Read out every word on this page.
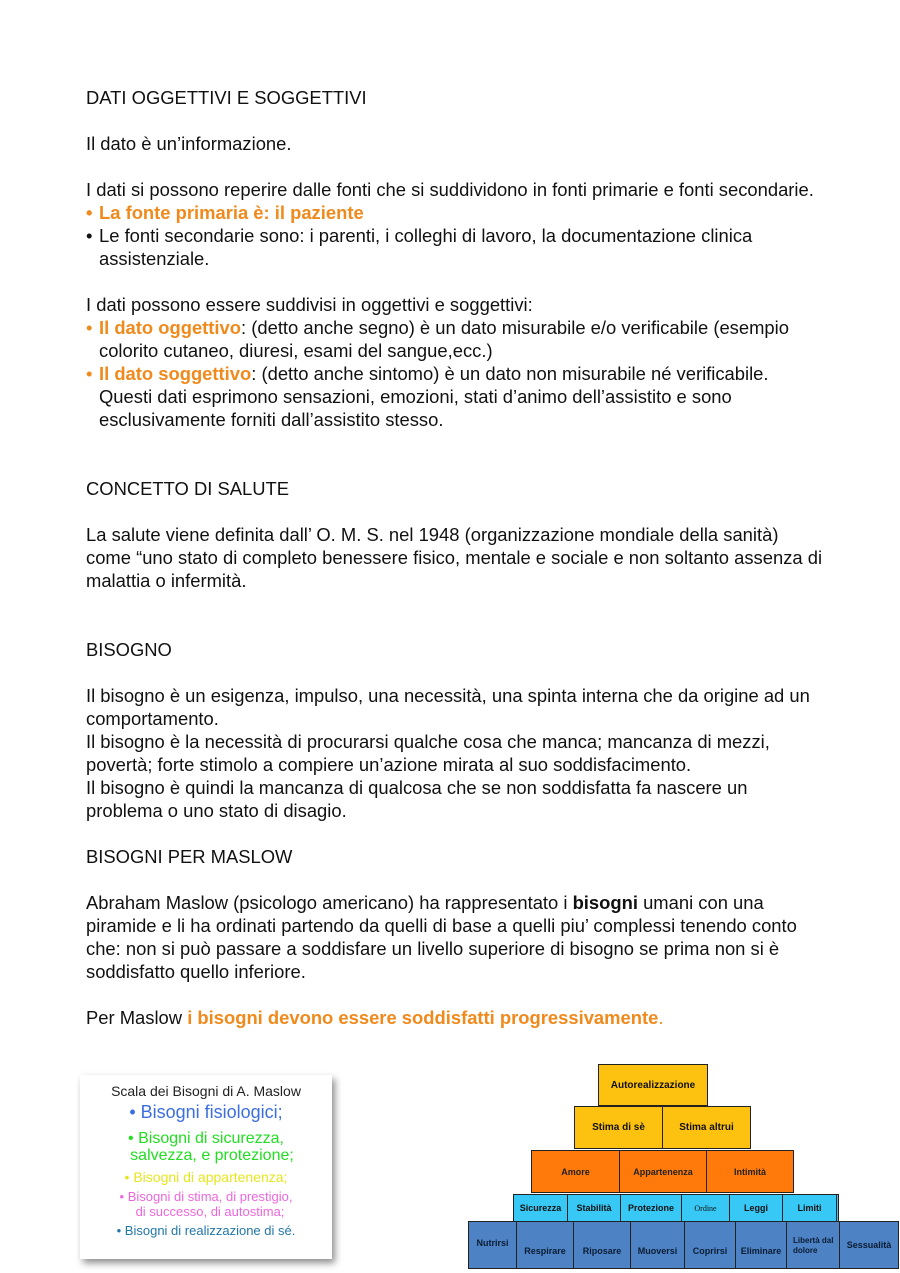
DATI OGGETTIVI E SOGGETTIVI

Il dato è un’informazione.

I dati si possono reperire dalle fonti che si suddividono in fonti primarie e fonti secondarie.

• La fonte primaria è: il paziente
• Le fonti secondarie sono: i parenti, i colleghi di lavoro, la documentazione clinica assistenziale.

I dati possono essere suddivisi in oggettivi e soggettivi:

• Il dato oggettivo: (detto anche segno) è un dato misurabile e/o verificabile (esempio colorito cutaneo, diuresi, esami del sangue,ecc.)
• Il dato soggettivo: (detto anche sintomo) è un dato non misurabile né verificabile. Questi dati esprimono sensazioni, emozioni, stati d’animo dell’assistito e sono esclusivamente forniti dall’assistito stesso.

CONCETTO DI SALUTE

La salute viene definita dall’ O. M. S. nel 1948 (organizzazione mondiale della sanità) come “uno stato di completo benessere fisico, mentale e sociale e non soltanto assenza di malattia o infermità.

BISOGNO

Il bisogno è un esigenza, impulso, una necessità, una spinta interna che da origine ad un comportamento.

Il bisogno è la necessità di procurarsi qualche cosa che manca; mancanza di mezzi, povertà; forte stimolo a compiere un’azione mirata al suo soddisfacimento.

Il bisogno è quindi la mancanza di qualcosa che se non soddisfatta fa nascere un problema o uno stato di disagio.

BISOGNI PER MASLOW

Abraham Maslow (psicologo americano) ha rappresentato i bisogni umani con una piramide e li ha ordinati partendo da quelli di base a quelli piu’ complessi tenendo conto che: non si può passare a soddisfare un livello superiore di bisogno se prima non si è soddisfatto quello inferiore.

Per Maslow i bisogni devono essere soddisfatti progressivamente.

Scala dei Bisogni di A. Maslow
• Bisogni fisiologici;
• Bisogni di sicurezza,
salvezza, e protezione;
• Bisogni di appartenenza;
• Bisogni di stima, di prestigio,
di successo, di autostima;
• Bisogni di realizzazione di sé.
Autorealizzazione
Stima di sè	Stima altrui
Amore	Appartenenza	Intimità
Sicurezza	Stabilità	Protezione	Ordine	Leggi	Limiti
Nutrirsi
Respirare	Riposare	Muoversi	Coprirsi	Eliminare
Libertà dal dolore
Sessualità
